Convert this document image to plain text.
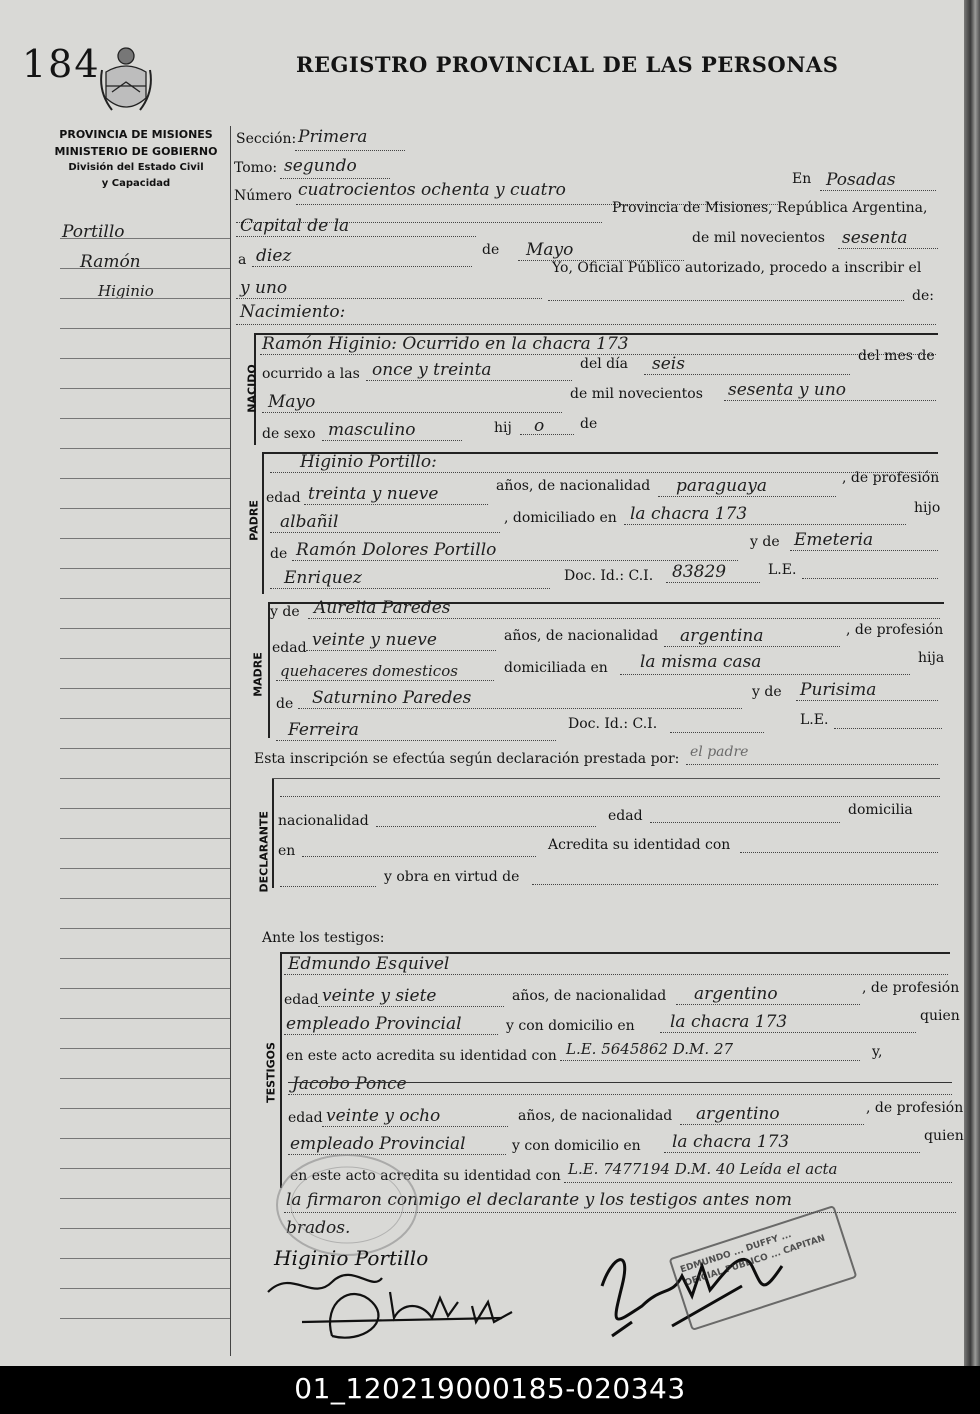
184	REGISTRO PROVINCIAL DE LAS PERSONAS
PROVINCIA DE MISIONES
MINISTERIO DE GOBIERNO
División del Estado Civil
y Capacidad
Portillo
Ramón
Higinio
Sección: Primera
Tomo: segundo
Número cuatrocientos ochenta y cuatro
En Posadas
Provincia de Misiones, República Argentina,
Capital de la
de Mayo
de mil novecientos sesenta
a diez
Yo, Oficial Público autorizado, procedo a inscribir el
y uno	de:
Nacimiento:
NACIDO
Ramón Higinio: Ocurrido en la chacra 173
ocurrido a las once y treinta	del día seis	del mes de
Mayo	de mil novecientos sesenta y uno
de sexo masculino	hij o	de
PADRE
Higinio Portillo:
edad treinta y nueve	años, de nacionalidad paraguaya	, de profesión
albañil	, domiciliado en la chacra 173	hijo
de Ramón Dolores Portillo	y de Emeteria
Enriquez	Doc. Id.: C.I. 83829	L.E.
MADRE
y de Aurelia Paredes
edad veinte y nueve	años, de nacionalidad argentina	, de profesión
quehaceres domesticos	domiciliada en la misma casa	hija
de Saturnino Paredes	y de Purisima
Ferreira	Doc. Id.: C.I.	L.E.
Esta inscripción se efectúa según declaración prestada por: el padre
DECLARANTE nacionalidad	edad	domicilia
en	Acredita su identidad con
y obra en virtud de
Ante los testigos:
TESTIGOS
Edmundo Esquivel
edad veinte y siete	años, de nacionalidad argentino	, de profesión
empleado Provincial	y con domicilio en la chacra 173	quien
en este acto acredita su identidad con L.E. 5645862 D.M. 27	y,
Jacobo Ponce
edad veinte y ocho	años, de nacionalidad argentino	, de profesión
empleado Provincial	y con domicilio en la chacra 173	quien
en este acto acredita su identidad con L.E. 7477194 D.M. 40 Leída el acta
la firmaron conmigo el declarante y los testigos antes nom
brados.
Higinio Portillo	EDMUNDO ... DUFFY ... OFICIAL PUBLICO ... CAPITAN
01_120219000185-020343
